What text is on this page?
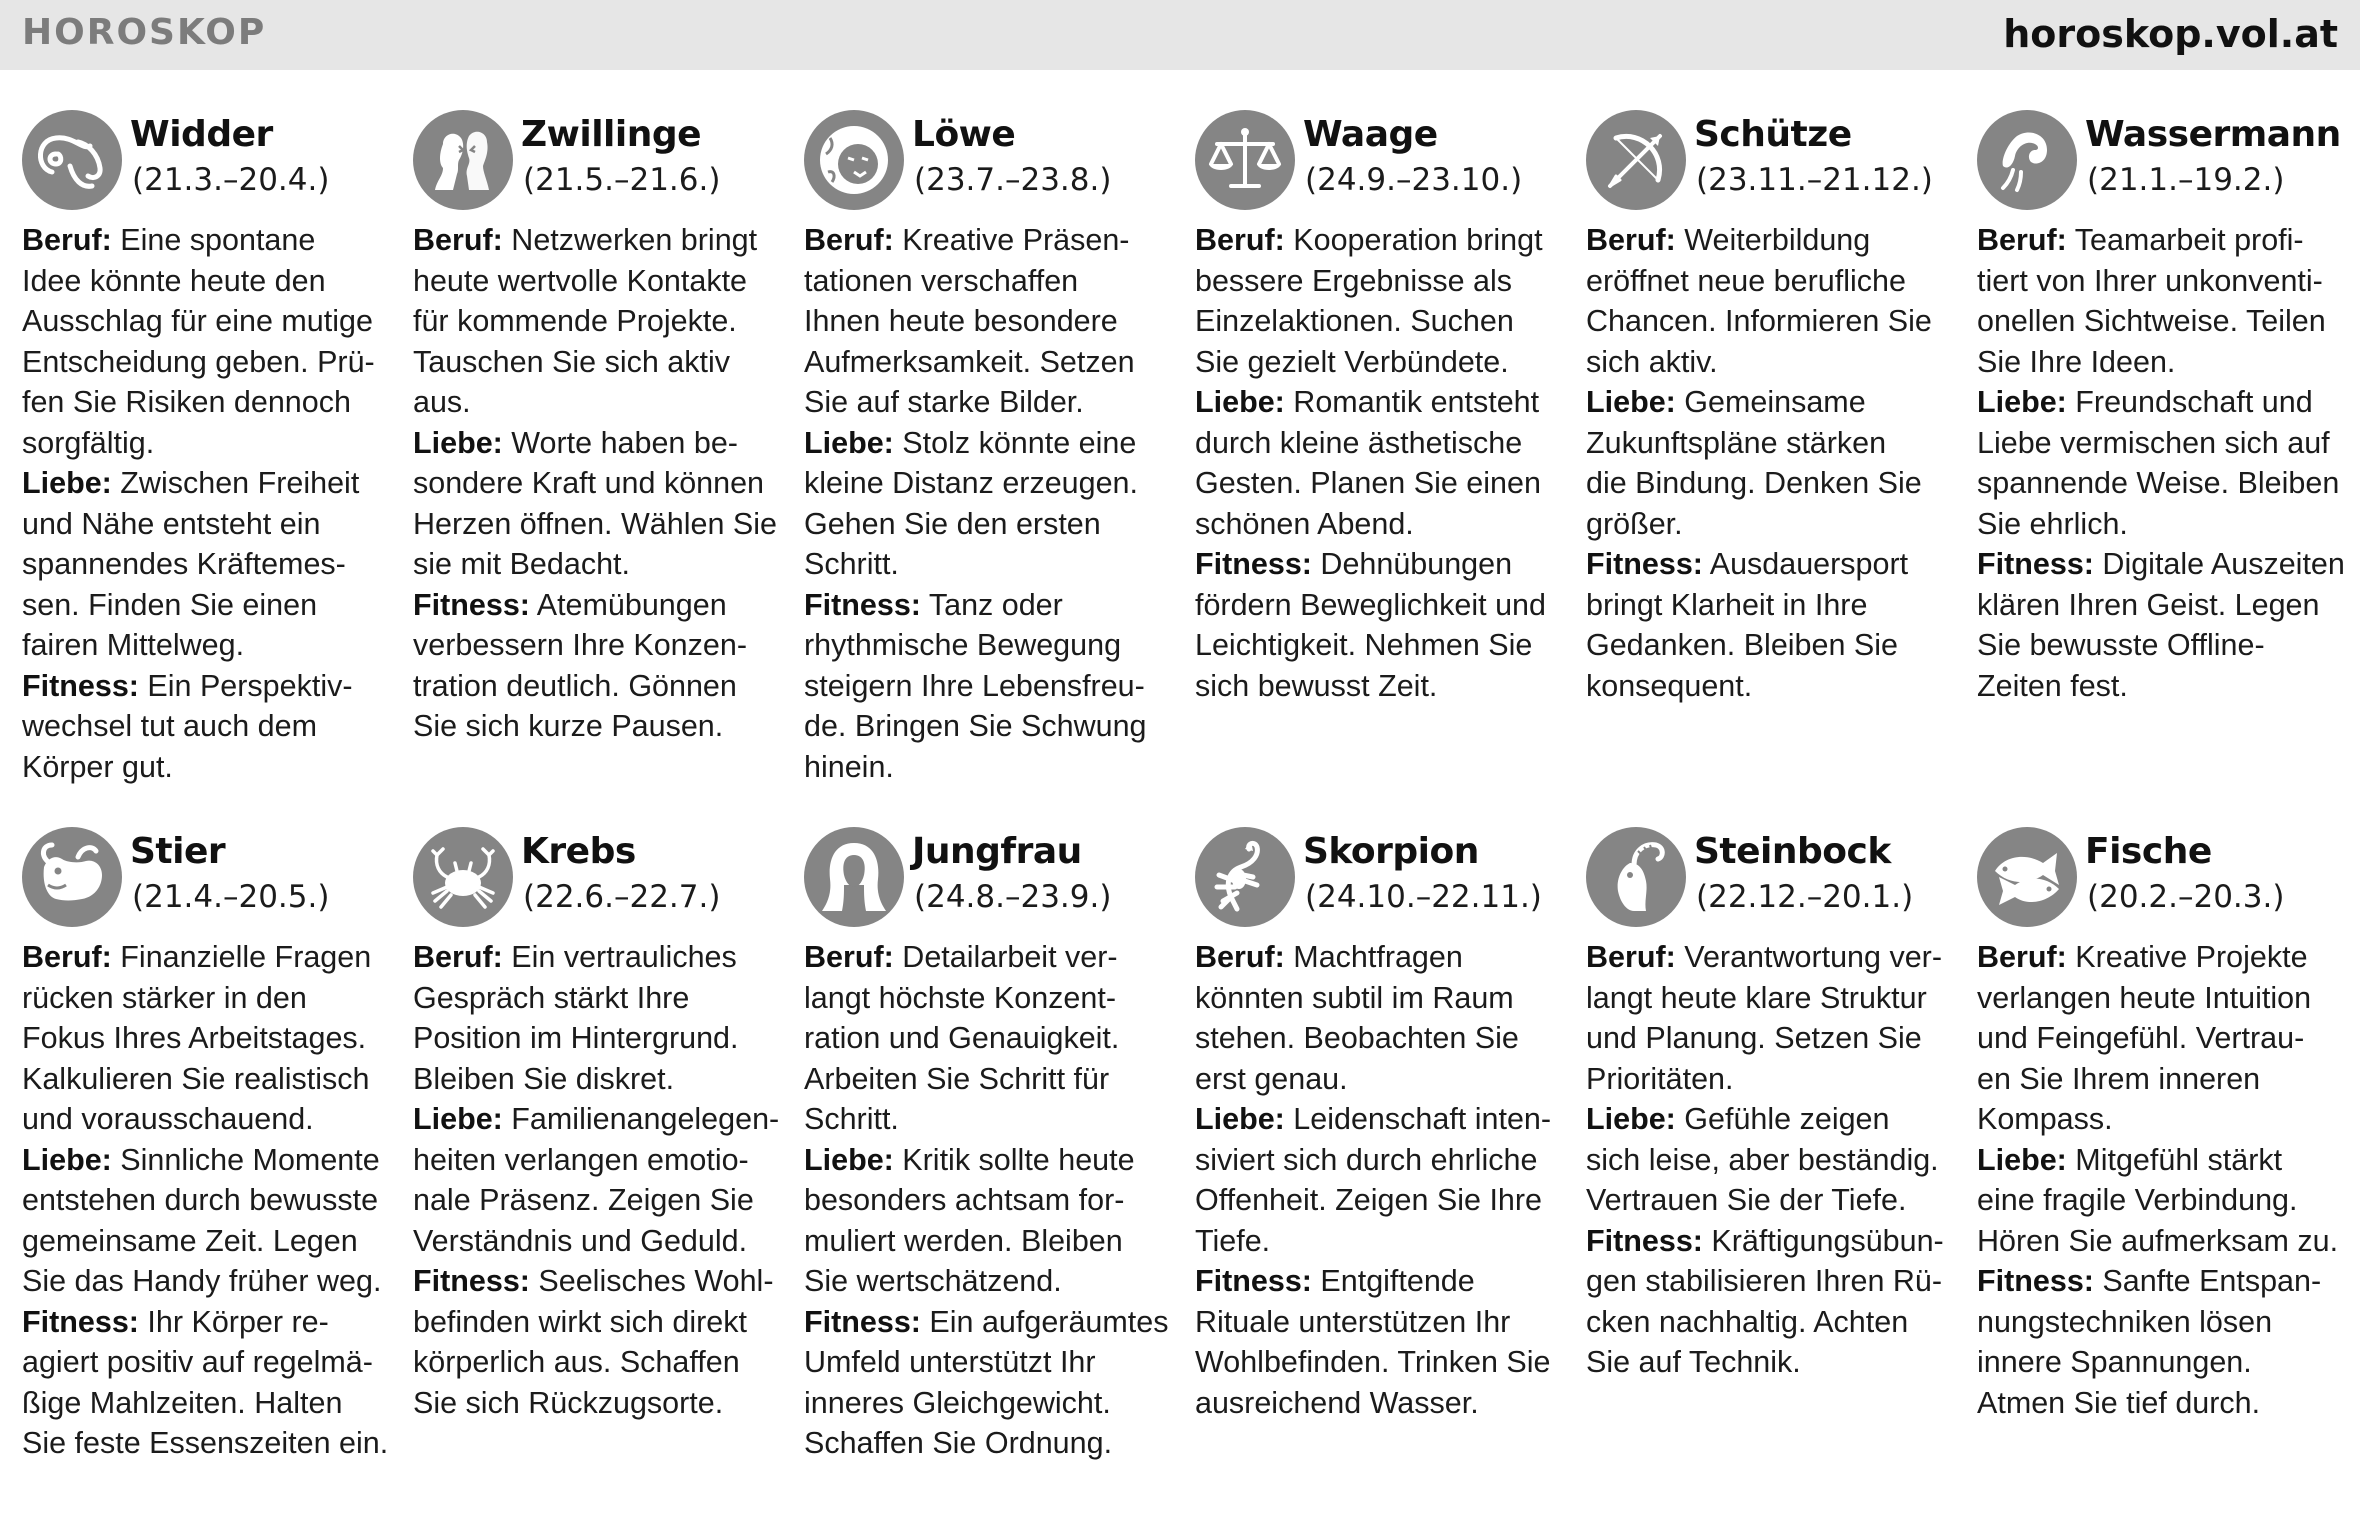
HOROSKOP	horoskop.vol.at
Widder
(21.3.–20.4.)
Beruf: Eine spontane
Idee könnte heute den
Ausschlag für eine mutige
Entscheidung geben. Prü-
fen Sie Risiken dennoch
sorgfältig.
Liebe: Zwischen Freiheit
und Nähe entsteht ein
spannendes Kräftemes-
sen. Finden Sie einen
fairen Mittelweg.
Fitness: Ein Perspektiv-
wechsel tut auch dem
Körper gut.
Zwillinge
(21.5.–21.6.)
Beruf: Netzwerken bringt
heute wertvolle Kontakte
für kommende Projekte.
Tauschen Sie sich aktiv
aus.
Liebe: Worte haben be-
sondere Kraft und können
Herzen öffnen. Wählen Sie
sie mit Bedacht.
Fitness: Atemübungen
verbessern Ihre Konzen-
tration deutlich. Gönnen
Sie sich kurze Pausen.
Löwe
(23.7.–23.8.)
Beruf: Kreative Präsen-
tationen verschaffen
Ihnen heute besondere
Aufmerksamkeit. Setzen
Sie auf starke Bilder.
Liebe: Stolz könnte eine
kleine Distanz erzeugen.
Gehen Sie den ersten
Schritt.
Fitness: Tanz oder
rhythmische Bewegung
steigern Ihre Lebensfreu-
de. Bringen Sie Schwung
hinein.
Waage
(24.9.–23.10.)
Beruf: Kooperation bringt
bessere Ergebnisse als
Einzelaktionen. Suchen
Sie gezielt Verbündete.
Liebe: Romantik entsteht
durch kleine ästhetische
Gesten. Planen Sie einen
schönen Abend.
Fitness: Dehnübungen
fördern Beweglichkeit und
Leichtigkeit. Nehmen Sie
sich bewusst Zeit.
Schütze
(23.11.–21.12.)
Beruf: Weiterbildung
eröffnet neue berufliche
Chancen. Informieren Sie
sich aktiv.
Liebe: Gemeinsame
Zukunftspläne stärken
die Bindung. Denken Sie
größer.
Fitness: Ausdauersport
bringt Klarheit in Ihre
Gedanken. Bleiben Sie
konsequent.
Wassermann
(21.1.–19.2.)
Beruf: Teamarbeit profi-
tiert von Ihrer unkonventi-
onellen Sichtweise. Teilen
Sie Ihre Ideen.
Liebe: Freundschaft und
Liebe vermischen sich auf
spannende Weise. Bleiben
Sie ehrlich.
Fitness: Digitale Auszeiten
klären Ihren Geist. Legen
Sie bewusste Offline-
Zeiten fest.
Stier
(21.4.–20.5.)
Beruf: Finanzielle Fragen
rücken stärker in den
Fokus Ihres Arbeitstages.
Kalkulieren Sie realistisch
und vorausschauend.
Liebe: Sinnliche Momente
entstehen durch bewusste
gemeinsame Zeit. Legen
Sie das Handy früher weg.
Fitness: Ihr Körper re-
agiert positiv auf regelmä-
ßige Mahlzeiten. Halten
Sie feste Essenszeiten ein.
Krebs
(22.6.–22.7.)
Beruf: Ein vertrauliches
Gespräch stärkt Ihre
Position im Hintergrund.
Bleiben Sie diskret.
Liebe: Familienangelegen-
heiten verlangen emotio-
nale Präsenz. Zeigen Sie
Verständnis und Geduld.
Fitness: Seelisches Wohl-
befinden wirkt sich direkt
körperlich aus. Schaffen
Sie sich Rückzugsorte.
Jungfrau
(24.8.–23.9.)
Beruf: Detailarbeit ver-
langt höchste Konzent-
ration und Genauigkeit.
Arbeiten Sie Schritt für
Schritt.
Liebe: Kritik sollte heute
besonders achtsam for-
muliert werden. Bleiben
Sie wertschätzend.
Fitness: Ein aufgeräumtes
Umfeld unterstützt Ihr
inneres Gleichgewicht.
Schaffen Sie Ordnung.
Skorpion
(24.10.–22.11.)
Beruf: Machtfragen
könnten subtil im Raum
stehen. Beobachten Sie
erst genau.
Liebe: Leidenschaft inten-
siviert sich durch ehrliche
Offenheit. Zeigen Sie Ihre
Tiefe.
Fitness: Entgiftende
Rituale unterstützen Ihr
Wohlbefinden. Trinken Sie
ausreichend Wasser.
Steinbock
(22.12.–20.1.)
Beruf: Verantwortung ver-
langt heute klare Struktur
und Planung. Setzen Sie
Prioritäten.
Liebe: Gefühle zeigen
sich leise, aber beständig.
Vertrauen Sie der Tiefe.
Fitness: Kräftigungsübun-
gen stabilisieren Ihren Rü-
cken nachhaltig. Achten
Sie auf Technik.
Fische
(20.2.–20.3.)
Beruf: Kreative Projekte
verlangen heute Intuition
und Feingefühl. Vertrau-
en Sie Ihrem inneren
Kompass.
Liebe: Mitgefühl stärkt
eine fragile Verbindung.
Hören Sie aufmerksam zu.
Fitness: Sanfte Entspan-
nungstechniken lösen
innere Spannungen.
Atmen Sie tief durch.
